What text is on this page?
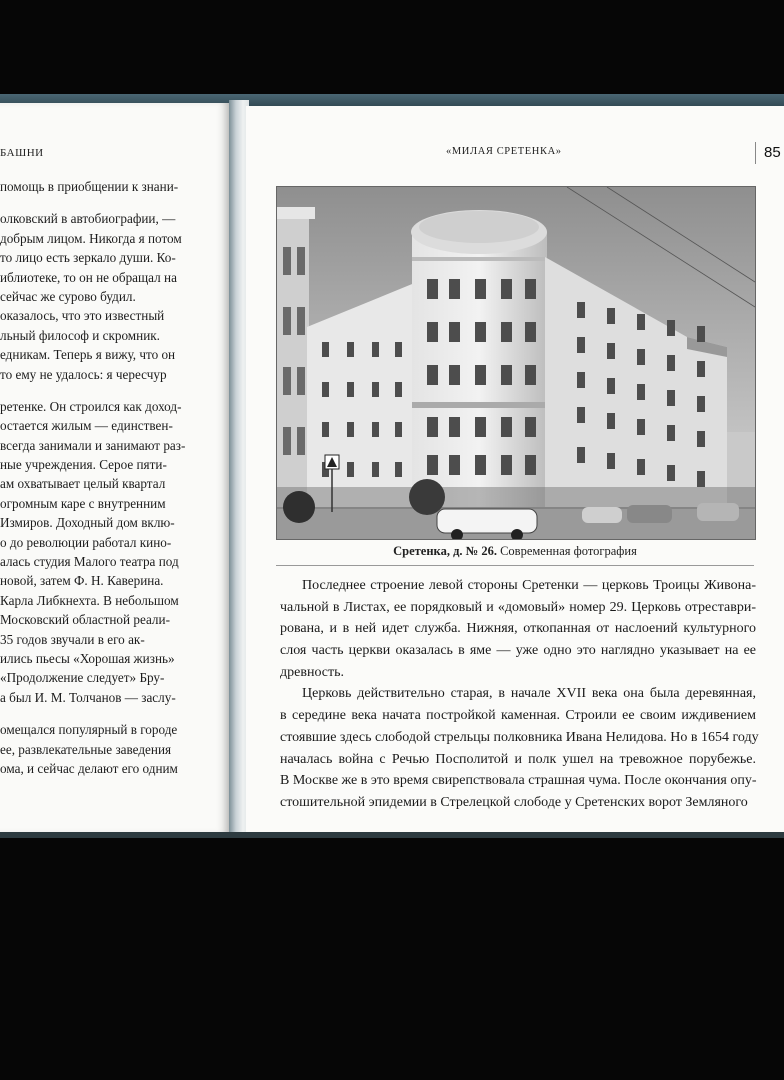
БАШНИ
помощь в приобщении к знани-
олковский в автобиографии, —
добрым лицом. Никогда я потом
то лицо есть зеркало души. Ко-
иблиотеке, то он не обращал на
сейчас же сурово будил.
оказалось, что это известный
льный философ и скромник.
едникам. Теперь я вижу, что он
то ему не удалось: я чересчур
ретенке. Он строился как доход-
остается жилым — единствен-
всегда занимали и занимают раз-
ные учреждения. Серое пяти-
ам охватывает целый квартал
огромным каре с внутренним
Измиров. Доходный дом вклю-
о до революции работал кино-
алась студия Малого театра под
новой, затем Ф. Н. Каверина.
Карла Либкнехта. В небольшом
Московский областной реали-
35 годов звучали в его ак-
ились пьесы «Хорошая жизнь»
«Продолжение следует» Бру-
а был И. М. Толчанов — заслу-
омещался популярный в городе
ее, развлекательные заведения
ома, и сейчас делают его одним
«МИЛАЯ СРЕТЕНКА»	85
Сретенка, д. № 26. Современная фотография
Последнее строение левой стороны Сретенки — церковь Троицы Живона-
чальной в Листах, ее порядковый и «домовый» номер 29. Церковь отреставри-
рована, и в ней идет служба. Нижняя, откопанная от наслоений культурного
слоя часть церкви оказалась в яме — уже одно это наглядно указывает на ее
древность.
Церковь действительно старая, в начале XVII века она была деревянная,
в середине века начата постройкой каменная. Строили ее своим иждивением
стоявшие здесь слободой стрельцы полковника Ивана Нелидова. Но в 1654 году
началась война с Речью Посполитой и полк ушел на тревожное порубежье.
В Москве же в это время свирепствовала страшная чума. После окончания опу-
стошительной эпидемии в Стрелецкой слободе у Сретенских ворот Земляного
